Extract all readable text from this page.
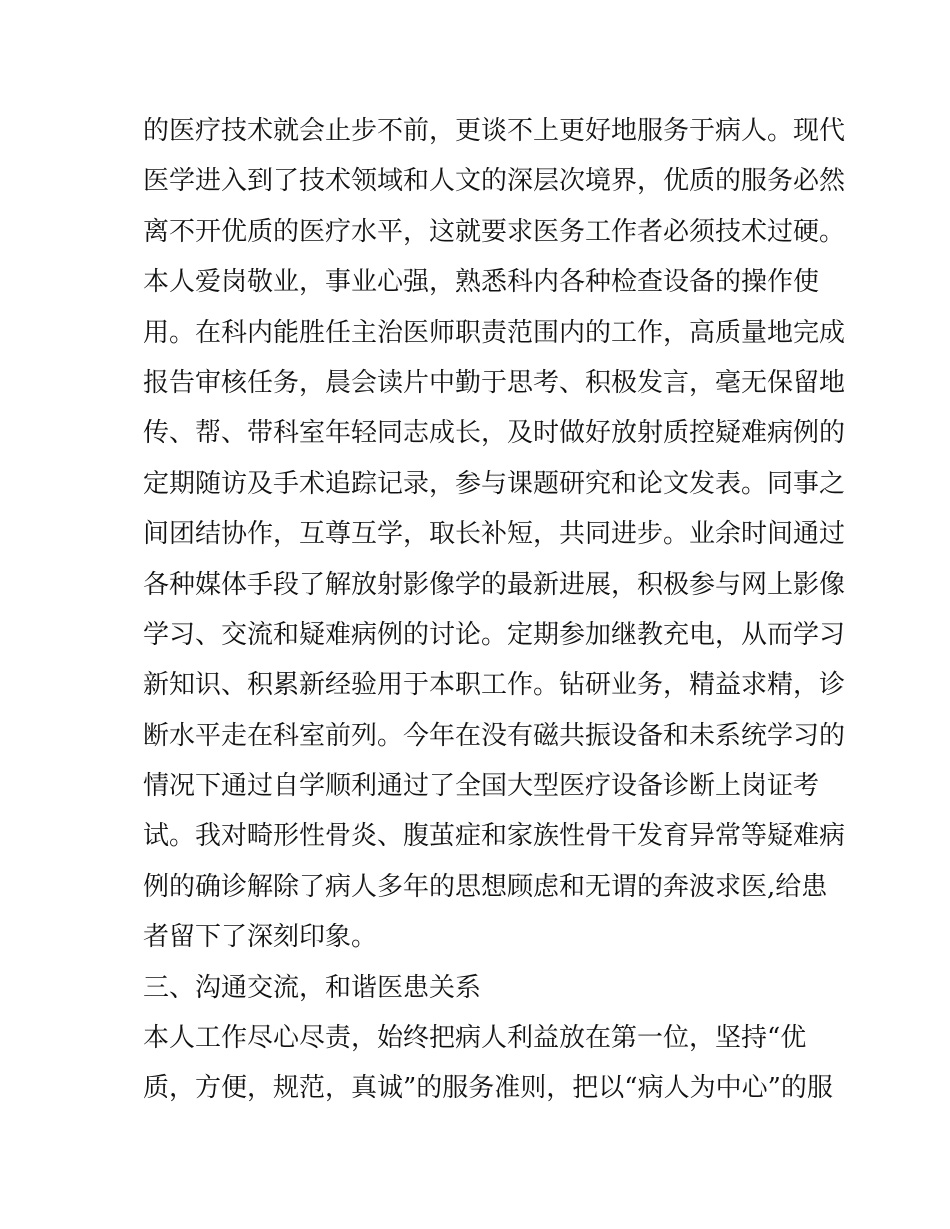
的医疗技术就会止步不前，更谈不上更好地服务于病人。现代
医学进入到了技术领域和人文的深层次境界，优质的服务必然
离不开优质的医疗水平，这就要求医务工作者必须技术过硬。
本人爱岗敬业，事业心强，熟悉科内各种检查设备的操作使
用。在科内能胜任主治医师职责范围内的工作，高质量地完成
报告审核任务，晨会读片中勤于思考、积极发言，毫无保留地
传、帮、带科室年轻同志成长，及时做好放射质控疑难病例的
定期随访及手术追踪记录，参与课题研究和论文发表。同事之
间团结协作，互尊互学，取长补短，共同进步。业余时间通过
各种媒体手段了解放射影像学的最新进展，积极参与网上影像
学习、交流和疑难病例的讨论。定期参加继教充电，从而学习
新知识、积累新经验用于本职工作。钻研业务，精益求精，诊
断水平走在科室前列。今年在没有磁共振设备和未系统学习的
情况下通过自学顺利通过了全国大型医疗设备诊断上岗证考
试。我对畸形性骨炎、腹茧症和家族性骨干发育异常等疑难病
例的确诊解除了病人多年的思想顾虑和无谓的奔波求医,给患
者留下了深刻印象。
三、沟通交流，和谐医患关系
本人工作尽心尽责，始终把病人利益放在第一位，坚持“优
质，方便，规范，真诚”的服务准则，把以“病人为中心”的服
